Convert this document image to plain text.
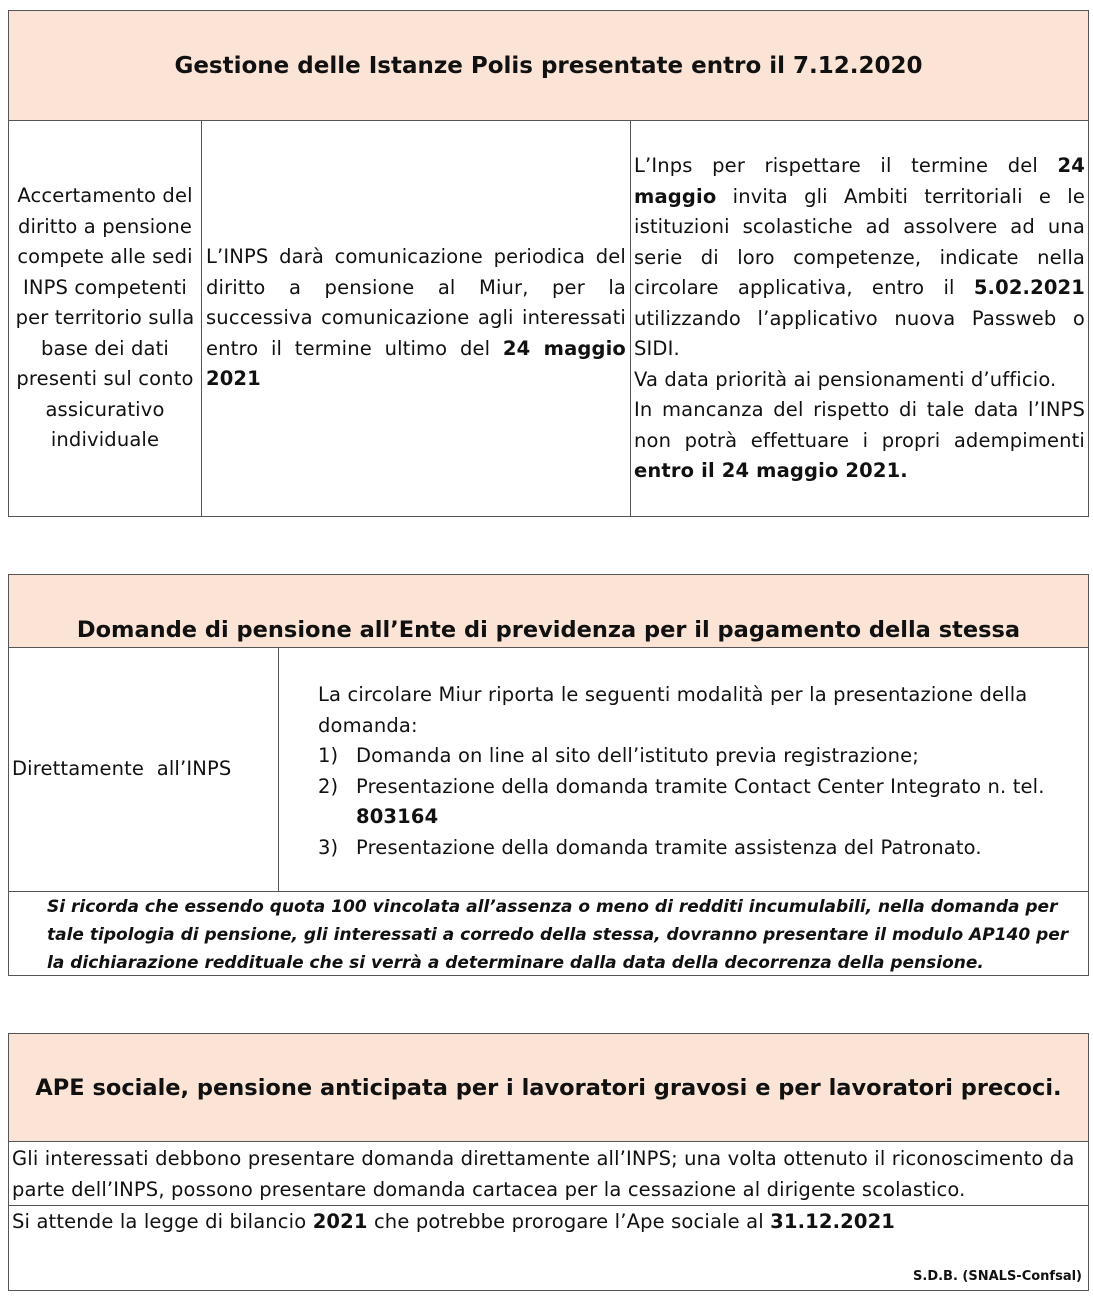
Gestione delle Istanze Polis presentate entro il 7.12.2020
Accertamento del diritto a pensione compete alle sedi INPS competenti per territorio sulla base dei dati presenti sul conto assicurativo individuale
L’INPS darà comunicazione periodica del diritto a pensione al Miur, per la successiva comunicazione agli interessati entro il termine ultimo del 24 maggio 2021
L’Inps per rispettare il termine del 24 maggio invita gli Ambiti territoriali e le istituzioni scolastiche ad assolvere ad una serie di loro competenze, indicate nella circolare applicativa, entro il 5.02.2021 utilizzando l’applicativo nuova Passweb o SIDI.
Va data priorità ai pensionamenti d’ufficio.
In mancanza del rispetto di tale data l’INPS non potrà effettuare i propri adempimenti entro il 24 maggio 2021.
Domande di pensione all’Ente di previdenza per il pagamento della stessa
Direttamente  all’INPS
La circolare Miur riporta le seguenti modalità per la presentazione della domanda:
1) Domanda on line al sito dell’istituto previa registrazione;
2) Presentazione della domanda tramite Contact Center Integrato n. tel. 803164
3) Presentazione della domanda tramite assistenza del Patronato.
Si ricorda che essendo quota 100 vincolata all’assenza o meno di redditi incumulabili, nella domanda per tale tipologia di pensione, gli interessati a corredo della stessa, dovranno presentare il modulo AP140 per la dichiarazione reddituale che si verrà a determinare dalla data della decorrenza della pensione.
APE sociale, pensione anticipata per i lavoratori gravosi e per lavoratori precoci.
Gli interessati debbono presentare domanda direttamente all’INPS; una volta ottenuto il riconoscimento da parte dell’INPS, possono presentare domanda cartacea per la cessazione al dirigente scolastico.
Si attende la legge di bilancio 2021 che potrebbe prorogare l’Ape sociale al 31.12.2021
S.D.B. (SNALS-Confsal)
